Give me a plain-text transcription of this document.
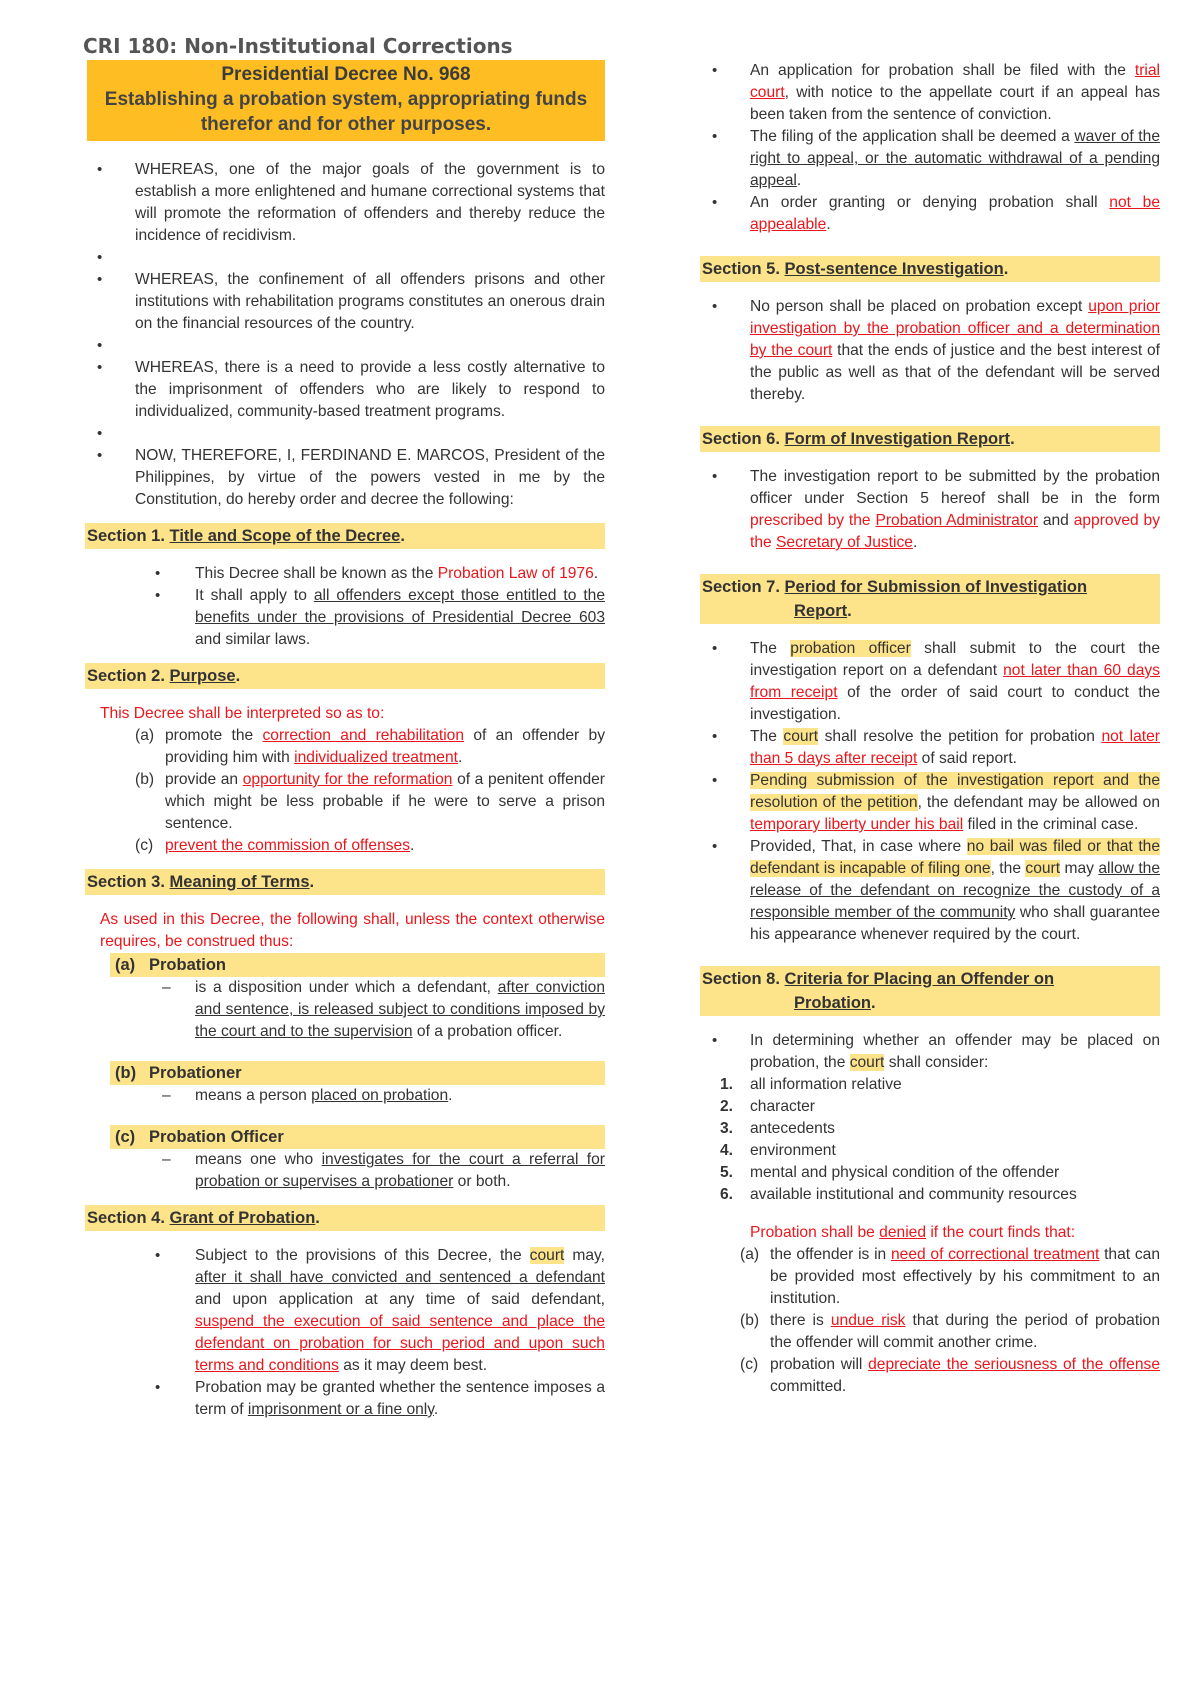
CRI 180: Non-Institutional Corrections
Presidential Decree No. 968
Establishing a probation system, appropriating funds therefor and for other purposes.
• WHEREAS, one of the major goals of the government is to establish a more enlightened and humane correctional systems that will promote the reformation of offenders and thereby reduce the incidence of recidivism.
•
• WHEREAS, the confinement of all offenders prisons and other institutions with rehabilitation programs constitutes an onerous drain on the financial resources of the country.
•
• WHEREAS, there is a need to provide a less costly alternative to the imprisonment of offenders who are likely to respond to individualized, community-based treatment programs.
•
• NOW, THEREFORE, I, FERDINAND E. MARCOS, President of the Philippines, by virtue of the powers vested in me by the Constitution, do hereby order and decree the following:
Section 1. Title and Scope of the Decree.
• This Decree shall be known as the Probation Law of 1976.
• It shall apply to all offenders except those entitled to the benefits under the provisions of Presidential Decree 603 and similar laws.
Section 2. Purpose.
This Decree shall be interpreted so as to:
(a) promote the correction and rehabilitation of an offender by providing him with individualized treatment.
(b) provide an opportunity for the reformation of a penitent offender which might be less probable if he were to serve a prison sentence.
(c) prevent the commission of offenses.
Section 3. Meaning of Terms.
As used in this Decree, the following shall, unless the context otherwise requires, be construed thus:
(a) Probation
– is a disposition under which a defendant, after conviction and sentence, is released subject to conditions imposed by the court and to the supervision of a probation officer.
(b) Probationer
– means a person placed on probation.
(c) Probation Officer
– means one who investigates for the court a referral for probation or supervises a probationer or both.
Section 4. Grant of Probation.
• Subject to the provisions of this Decree, the court may, after it shall have convicted and sentenced a defendant and upon application at any time of said defendant, suspend the execution of said sentence and place the defendant on probation for such period and upon such terms and conditions as it may deem best.
• Probation may be granted whether the sentence imposes a term of imprisonment or a fine only.
• An application for probation shall be filed with the trial court, with notice to the appellate court if an appeal has been taken from the sentence of conviction.
• The filing of the application shall be deemed a waver of the right to appeal, or the automatic withdrawal of a pending appeal.
• An order granting or denying probation shall not be appealable.
Section 5. Post-sentence Investigation.
• No person shall be placed on probation except upon prior investigation by the probation officer and a determination by the court that the ends of justice and the best interest of the public as well as that of the defendant will be served thereby.
Section 6. Form of Investigation Report.
• The investigation report to be submitted by the probation officer under Section 5 hereof shall be in the form prescribed by the Probation Administrator and approved by the Secretary of Justice.
Section 7. Period for Submission of Investigation
Report.
• The probation officer shall submit to the court the investigation report on a defendant not later than 60 days from receipt of the order of said court to conduct the investigation.
• The court shall resolve the petition for probation not later than 5 days after receipt of said report.
• Pending submission of the investigation report and the resolution of the petition, the defendant may be allowed on temporary liberty under his bail filed in the criminal case.
• Provided, That, in case where no bail was filed or that the defendant is incapable of filing one, the court may allow the release of the defendant on recognize the custody of a responsible member of the community who shall guarantee his appearance whenever required by the court.
Section 8. Criteria for Placing an Offender on
Probation.
• In determining whether an offender may be placed on probation, the court shall consider:
1. all information relative
2. character
3. antecedents
4. environment
5. mental and physical condition of the offender
6. available institutional and community resources
Probation shall be denied if the court finds that:
(a) the offender is in need of correctional treatment that can be provided most effectively by his commitment to an institution.
(b) there is undue risk that during the period of probation the offender will commit another crime.
(c) probation will depreciate the seriousness of the offense committed.
